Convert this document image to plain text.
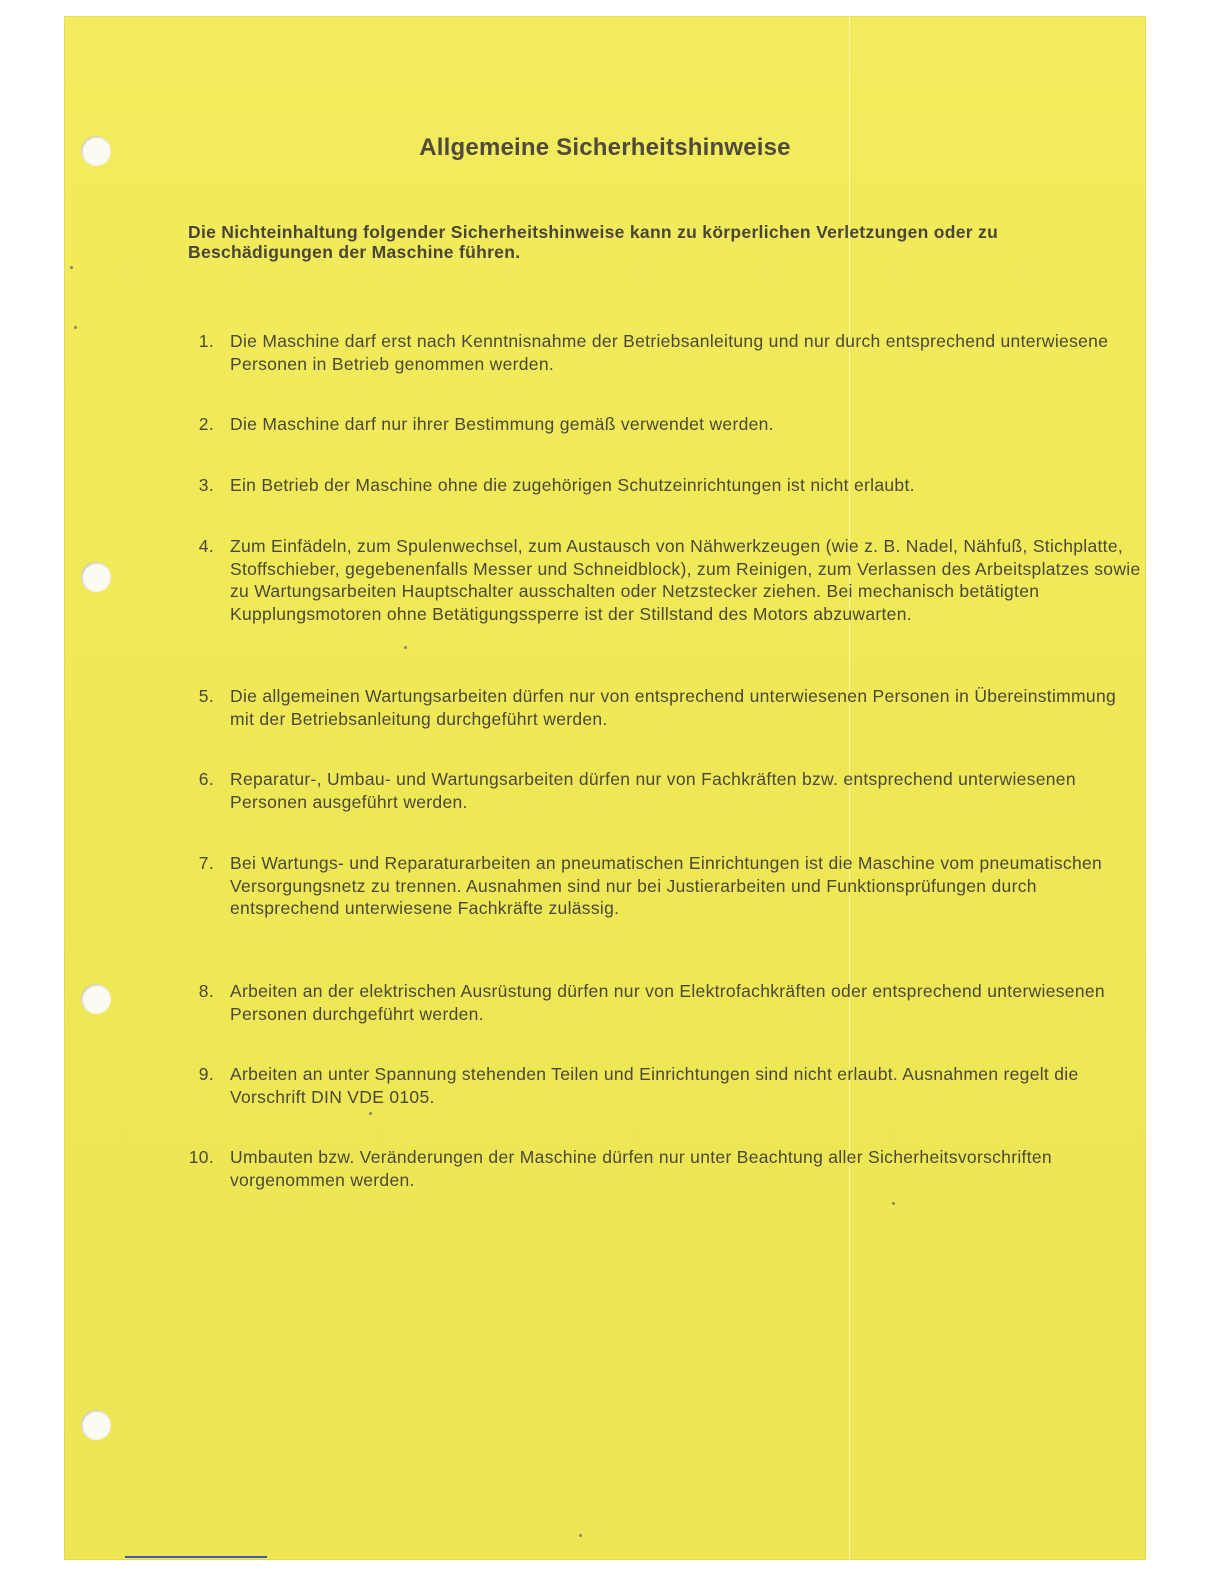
Allgemeine Sicherheitshinweise
Die Nichteinhaltung folgender Sicherheitshinweise kann zu körperlichen Verletzungen oder zu Beschädigungen der Maschine führen.
1. Die Maschine darf erst nach Kenntnisnahme der Betriebsanleitung und nur durch entsprechend unterwiesene Personen in Betrieb genommen werden.
2. Die Maschine darf nur ihrer Bestimmung gemäß verwendet werden.
3. Ein Betrieb der Maschine ohne die zugehörigen Schutzeinrichtungen ist nicht erlaubt.
4. Zum Einfädeln, zum Spulenwechsel, zum Austausch von Nähwerkzeugen (wie z. B. Nadel, Nähfuß, Stichplatte, Stoffschieber, gegebenenfalls Messer und Schneidblock), zum Reinigen, zum Verlassen des Arbeitsplatzes sowie zu Wartungsarbeiten Hauptschalter ausschalten oder Netzstecker ziehen. Bei mechanisch betätigten Kupplungsmotoren ohne Betätigungssperre ist der Stillstand des Motors abzuwarten.
5. Die allgemeinen Wartungsarbeiten dürfen nur von entsprechend unterwiesenen Personen in Übereinstimmung mit der Betriebsanleitung durchgeführt werden.
6. Reparatur-, Umbau- und Wartungsarbeiten dürfen nur von Fachkräften bzw. entsprechend unterwiesenen Personen ausgeführt werden.
7. Bei Wartungs- und Reparaturarbeiten an pneumatischen Einrichtungen ist die Maschine vom pneumatischen Versorgungsnetz zu trennen. Ausnahmen sind nur bei Justierarbeiten und Funktionsprüfungen durch entsprechend unterwiesene Fachkräfte zulässig.
8. Arbeiten an der elektrischen Ausrüstung dürfen nur von Elektrofachkräften oder entsprechend unterwiesenen Personen durchgeführt werden.
9. Arbeiten an unter Spannung stehenden Teilen und Einrichtungen sind nicht erlaubt. Ausnahmen regelt die Vorschrift DIN VDE 0105.
10. Umbauten bzw. Veränderungen der Maschine dürfen nur unter Beachtung aller Sicherheitsvorschriften vorgenommen werden.
